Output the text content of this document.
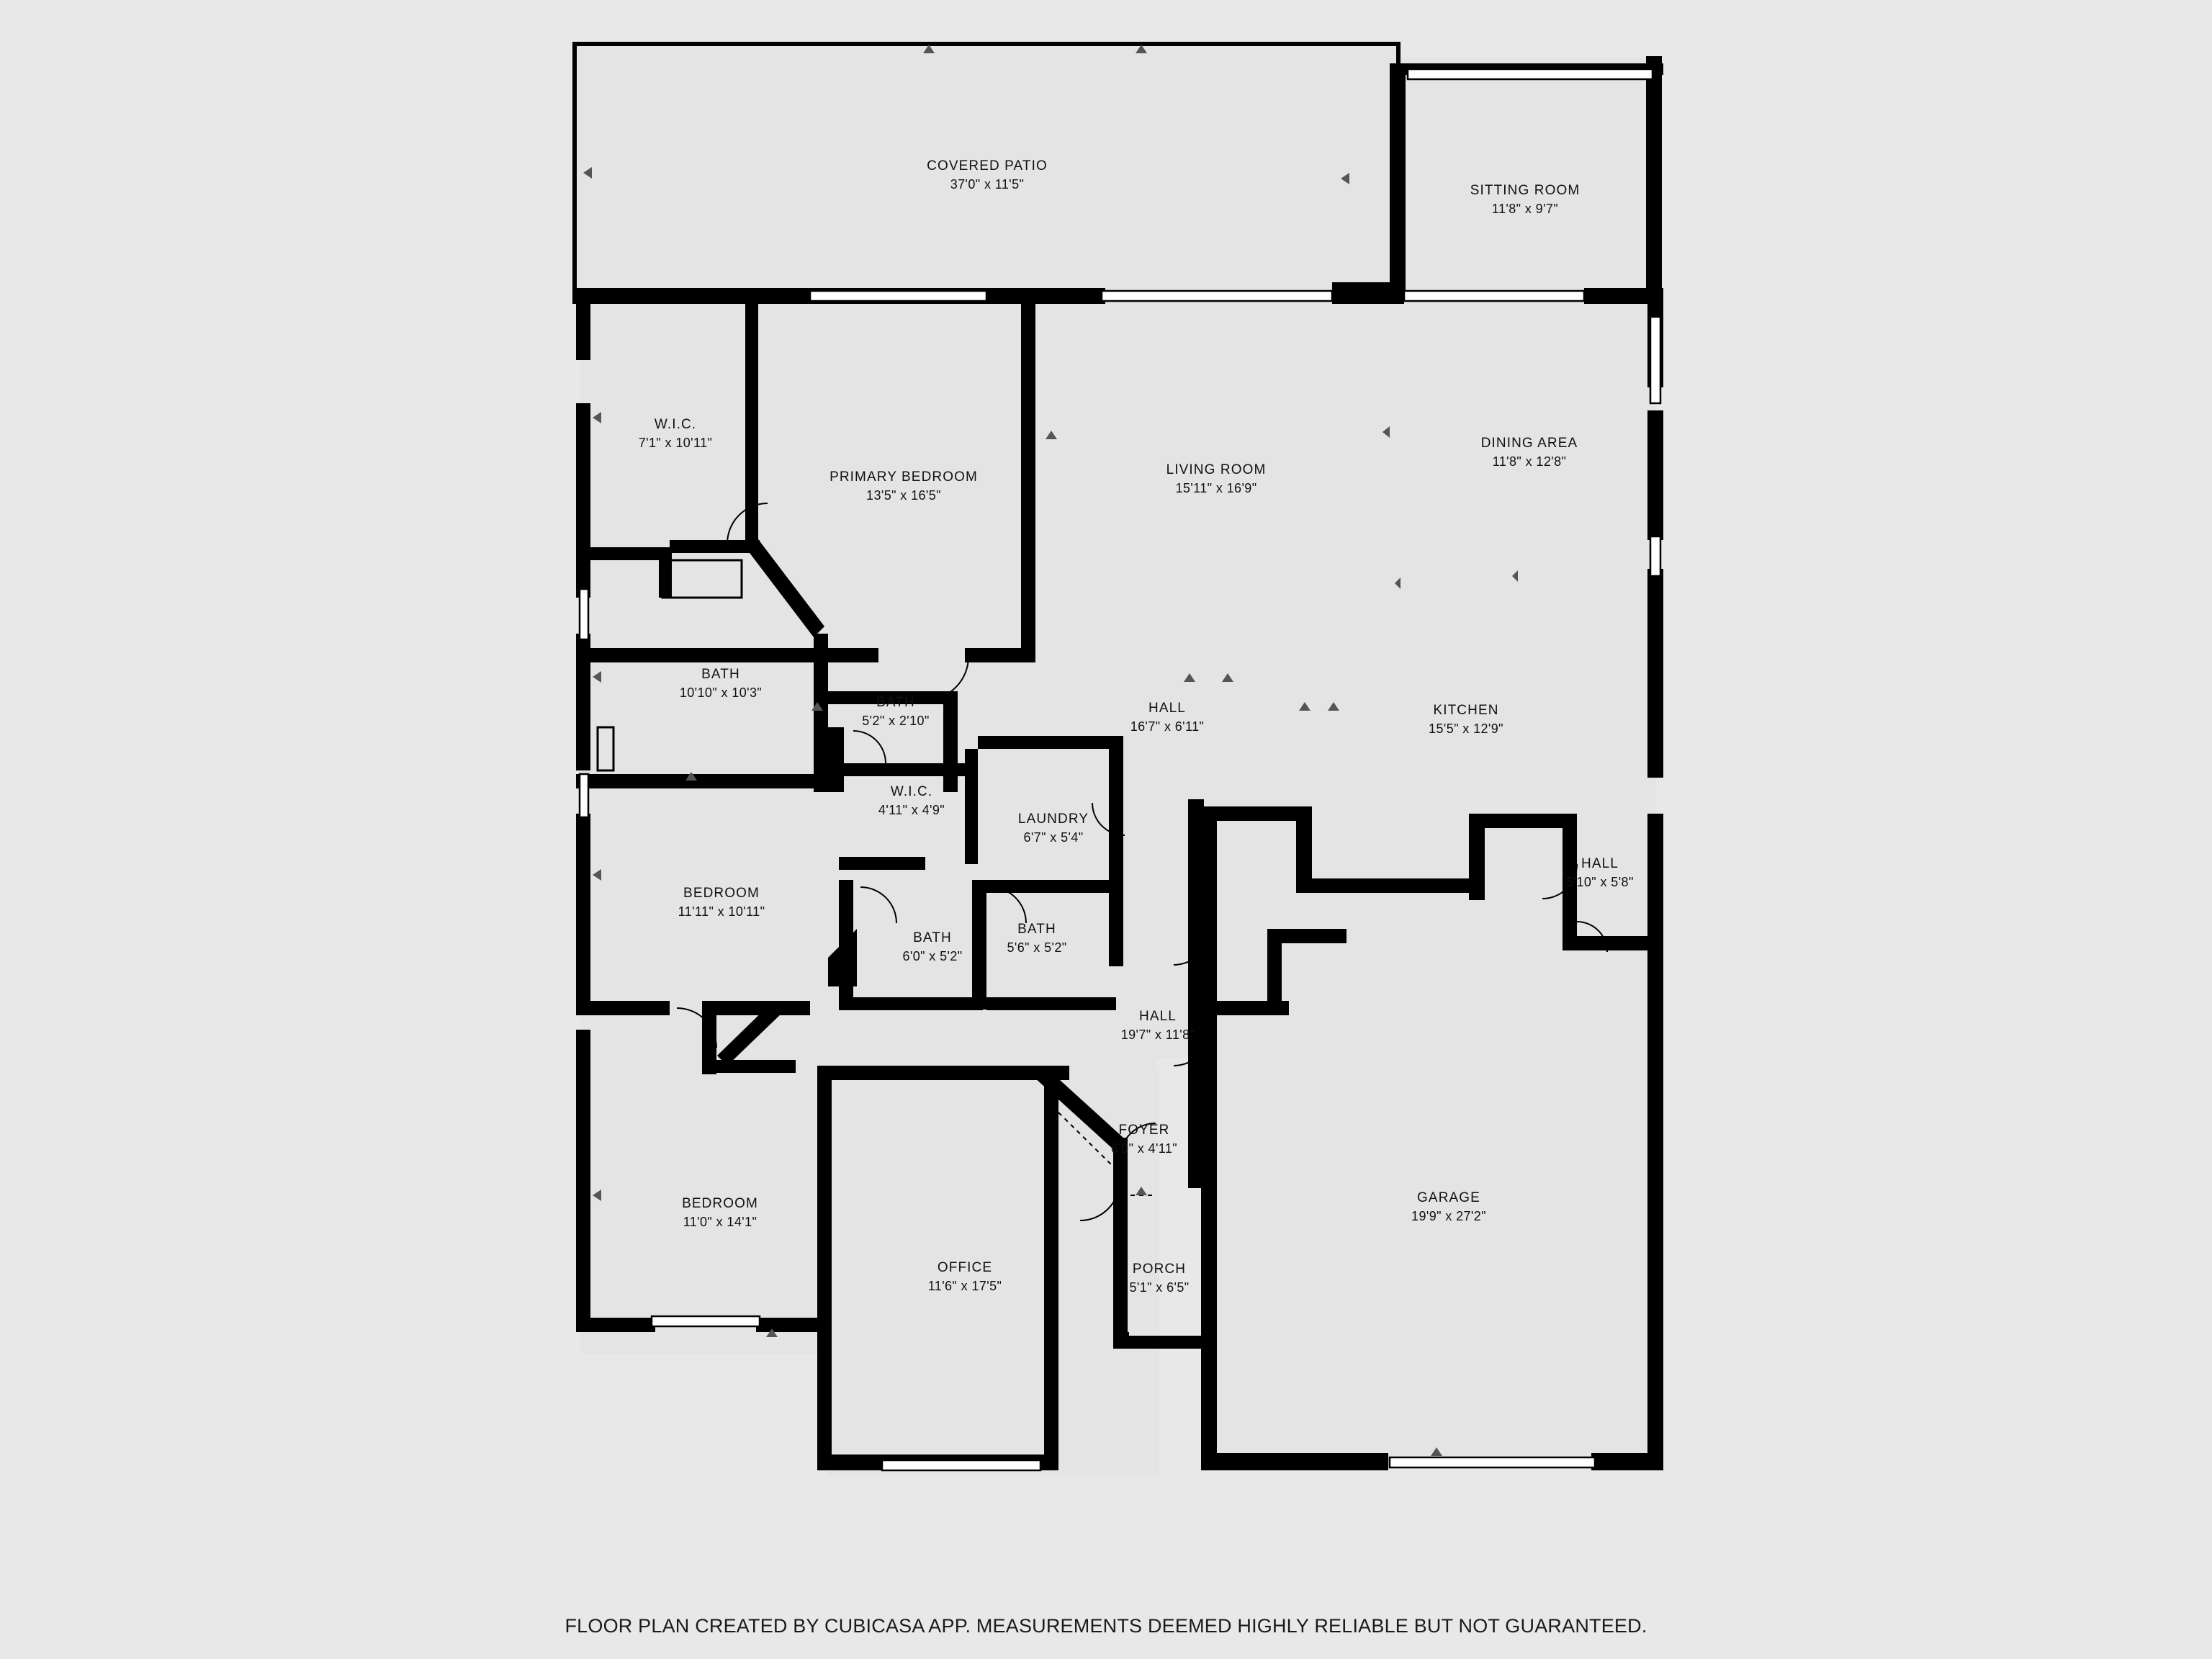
COVERED PATIO
37'0" x 11'5"	SITTING ROOM
11'8" x 9'7"
W.I.C.
7'1" x 10'11"
PRIMARY BEDROOM
13'5" x 16'5"
LIVING ROOM
15'11" x 16'9"
DINING AREA
11'8" x 12'8"
BATH
10'10" x 10'3"
BATH
5'2" x 2'10"
HALL
16'7" x 6'11"
KITCHEN
15'5" x 12'9"
W.I.C.
4'11" x 4'9"
LAUNDRY
6'7" x 5'4"
HALL
5'10" x 5'8"
BEDROOM
11'11" x 10'11"
BATH
6'0" x 5'2"
BATH
5'6" x 5'2"
HALL
19'7" x 11'8"
FOYER
6'9" x 4'11"
GARAGE
19'9" x 27'2"
BEDROOM
11'0" x 14'1"
OFFICE
11'6" x 17'5"
PORCH
5'1" x 6'5"
FLOOR PLAN CREATED BY CUBICASA APP. MEASUREMENTS DEEMED HIGHLY RELIABLE BUT NOT GUARANTEED.
